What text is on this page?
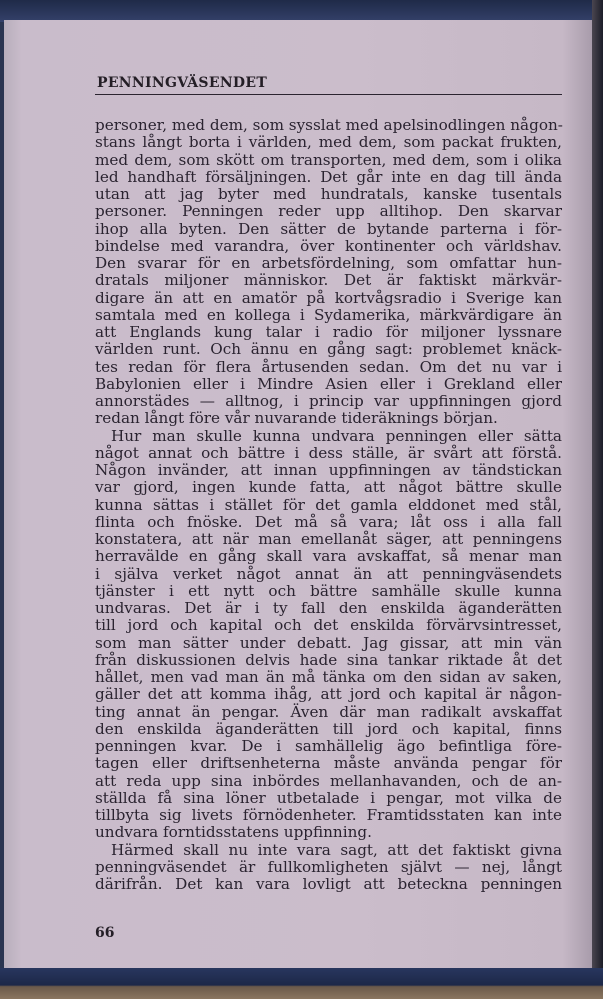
PENNINGVÄSENDET
personer, med dem, som sysslat med apelsinodlingen någon-
stans långt borta i världen, med dem, som packat frukten,
med dem, som skött om transporten, med dem, som i olika
led handhaft försäljningen. Det går inte en dag till ända
utan att jag byter med hundratals, kanske tusentals
personer. Penningen reder upp alltihop. Den skarvar
ihop alla byten. Den sätter de bytande parterna i för-
bindelse med varandra, över kontinenter och världshav.
Den svarar för en arbetsfördelning, som omfattar hun-
dratals miljoner människor. Det är faktiskt märkvär-
digare än att en amatör på kortvågsradio i Sverige kan
samtala med en kollega i Sydamerika, märkvärdigare än
att Englands kung talar i radio för miljoner lyssnare
världen runt. Och ännu en gång sagt: problemet knäck-
tes redan för flera årtusenden sedan. Om det nu var i
Babylonien eller i Mindre Asien eller i Grekland eller
annorstädes — alltnog, i princip var uppfinningen gjord
redan långt före vår nuvarande tideräknings början.
Hur man skulle kunna undvara penningen eller sätta
något annat och bättre i dess ställe, är svårt att förstå.
Någon invänder, att innan uppfinningen av tändstickan
var gjord, ingen kunde fatta, att något bättre skulle
kunna sättas i stället för det gamla elddonet med stål,
flinta och fnöske. Det må så vara; låt oss i alla fall
konstatera, att när man emellanåt säger, att penningens
herravälde en gång skall vara avskaffat, så menar man
i själva verket något annat än att penningväsendets
tjänster i ett nytt och bättre samhälle skulle kunna
undvaras. Det är i ty fall den enskilda äganderätten
till jord och kapital och det enskilda förvärvsintresset,
som man sätter under debatt. Jag gissar, att min vän
från diskussionen delvis hade sina tankar riktade åt det
hållet, men vad man än må tänka om den sidan av saken,
gäller det att komma ihåg, att jord och kapital är någon-
ting annat än pengar. Även där man radikalt avskaffat
den enskilda äganderätten till jord och kapital, finns
penningen kvar. De i samhällelig ägo befintliga före-
tagen eller driftsenheterna måste använda pengar för
att reda upp sina inbördes mellanhavanden, och de an-
ställda få sina löner utbetalade i pengar, mot vilka de
tillbyta sig livets förnödenheter. Framtidsstaten kan inte
undvara forntidsstatens uppfinning.
Härmed skall nu inte vara sagt, att det faktiskt givna
penningväsendet är fullkomligheten självt — nej, långt
därifrån. Det kan vara lovligt att beteckna penningen
66
